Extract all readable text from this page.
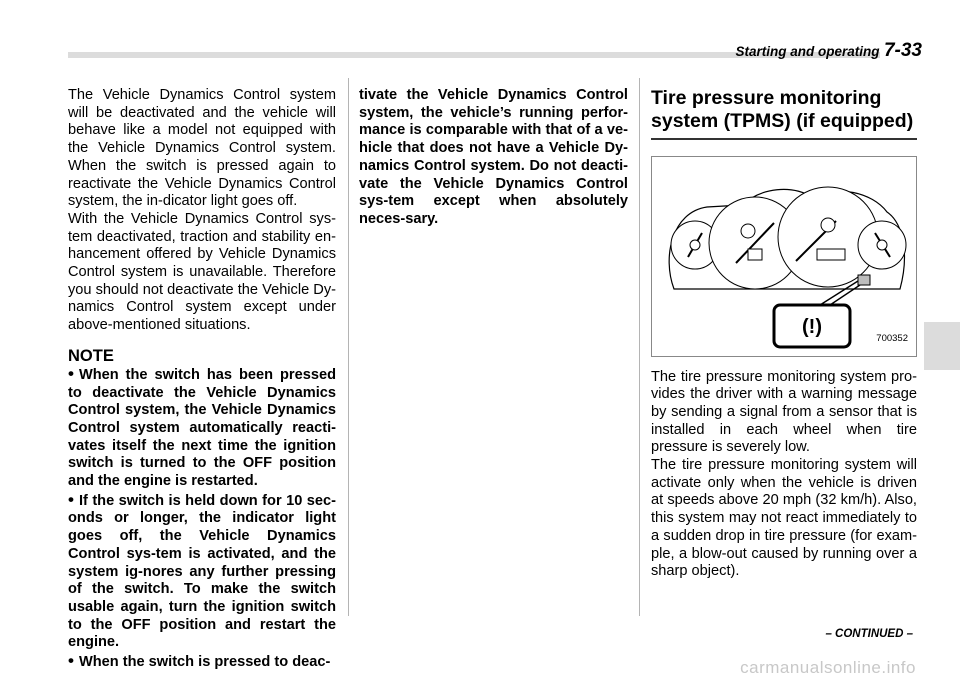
Starting and operating 7-33

The Vehicle Dynamics Control system will be deactivated and the vehicle will behave like a model not equipped with the Vehicle Dynamics Control system. When the switch is pressed again to reactivate the Vehicle Dynamics Control system, the in-dicator light goes off.

With the Vehicle Dynamics Control sys-tem deactivated, traction and stability en-hancement offered by Vehicle Dynamics Control system is unavailable. Therefore you should not deactivate the Vehicle Dy-namics Control system except under above-mentioned situations.

NOTE

• When the switch has been pressed to deactivate the Vehicle Dynamics Control system, the Vehicle Dynamics Control system automatically reacti-vates itself the next time the ignition switch is turned to the OFF position and the engine is restarted.

• If the switch is held down for 10 sec-onds or longer, the indicator light goes off, the Vehicle Dynamics Control sys-tem is activated, and the system ig-nores any further pressing of the switch. To make the switch usable again, turn the ignition switch to the OFF position and restart the engine.

• When the switch is pressed to deac-

tivate the Vehicle Dynamics Control system, the vehicle’s running perfor-mance is comparable with that of a ve-hicle that does not have a Vehicle Dy-namics Control system. Do not deacti-vate the Vehicle Dynamics Control sys-tem except when absolutely neces-sary.

Tire pressure monitoring system (TPMS) (if equipped)
(!)
700352

The tire pressure monitoring system pro-vides the driver with a warning message by sending a signal from a sensor that is installed in each wheel when tire pressure is severely low.

The tire pressure monitoring system will activate only when the vehicle is driven at speeds above 20 mph (32 km/h). Also, this system may not react immediately to a sudden drop in tire pressure (for exam-ple, a blow-out caused by running over a sharp object).

– CONTINUED –
carmanualsonline.info
